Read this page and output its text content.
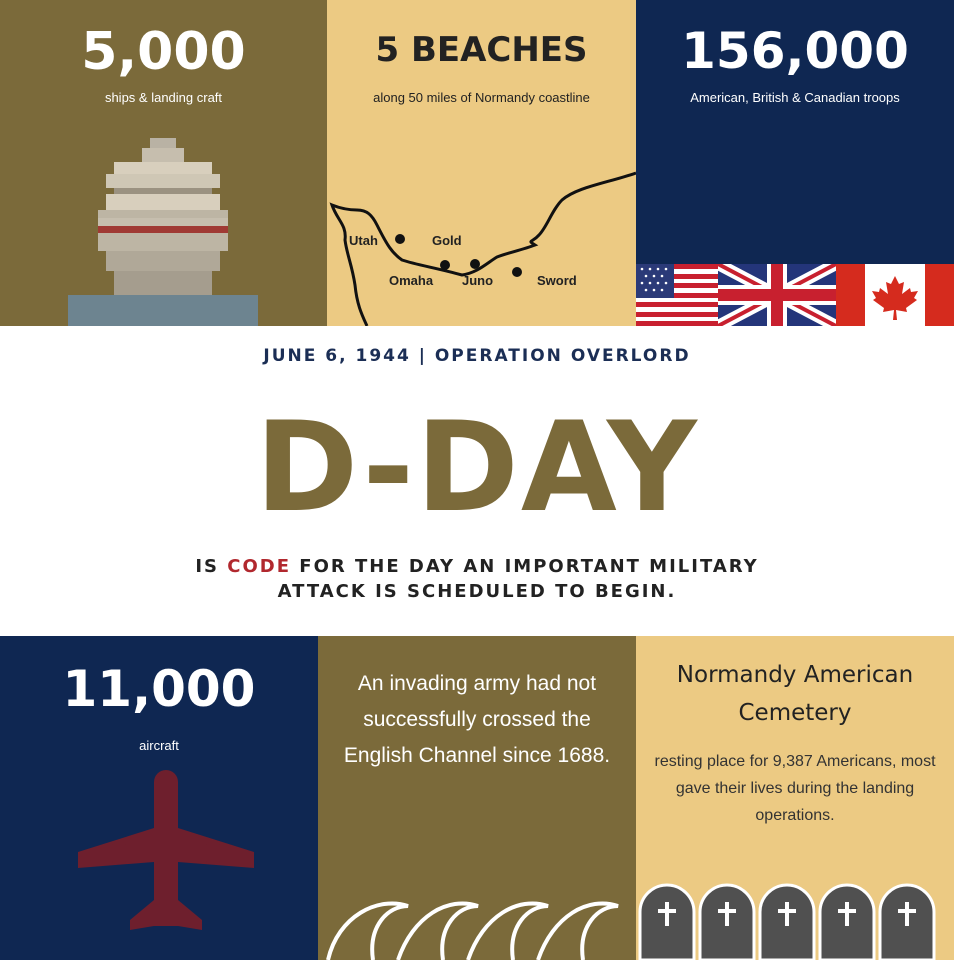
5,000
ships & landing craft
5 BEACHES
along 50 miles of Normandy coastline
Utah	Gold
Omaha Juno	Sword
156,000
American, British & Canadian troops
JUNE 6, 1944 | OPERATION OVERLORD
D-DAY
IS CODE FOR THE DAY AN IMPORTANT MILITARY ATTACK IS SCHEDULED TO BEGIN.
11,000
aircraft
An invading army had not successfully crossed the English Channel since 1688.
Normandy American Cemetery
resting place for 9,387 Americans, most gave their lives during the landing operations.
